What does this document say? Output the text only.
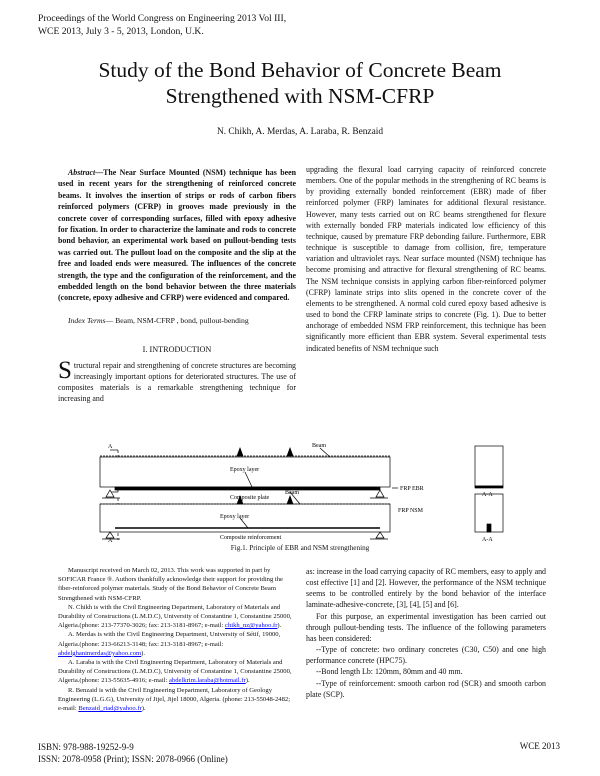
Proceedings of the World Congress on Engineering 2013 Vol III,
WCE 2013, July 3 - 5, 2013, London, U.K.
Study of the Bond Behavior of Concrete Beam
Strengthened with NSM-CFRP
N. Chikh, A. Merdas, A. Laraba, R. Benzaid
Abstract—The Near Surface Mounted (NSM) technique has been used in recent years for the strengthening of reinforced concrete beams. It involves the insertion of strips or rods of carbon fibers reinforced polymers (CFRP) in grooves made previously in the concrete cover of corresponding surfaces, filled with epoxy adhesive for fixation. In order to characterize the laminate and rods to concrete bond behavior, an experimental work based on pullout-bending tests was carried out. The pullout load on the composite and the slip at the free and loaded ends were measured. The influences of the concrete strength, the type and the configuration of the reinforcement, and the embedded length on the bond behavior between the three materials (concrete, epoxy adhesive and CFRP) were evidenced and compared.
Index Terms— Beam, NSM-CFRP , bond, pullout-bending
I. INTRODUCTION
Structural repair and strengthening of concrete structures are becoming increasingly important options for deteriorated structures. The use of composites materials is a remarkable strengthening technique for increasing and
upgrading the flexural load carrying capacity of reinforced concrete members. One of the popular methods in the strengthening of RC beams is by providing externally bonded reinforcement (EBR) made of fiber reinforced polymer (FRP) laminates for additional flexural resistance. However, many tests carried out on RC beams strengthened for flexure with externally bonded FRP materials indicated low efficiency of this technique, caused by premature FRP debonding failure. Furthermore, EBR technique is susceptible to damage from collision, fire, temperature variation and ultraviolet rays. Near surface mounted (NSM) technique has become promising and attractive for flexural strengthening of RC beams. The NSM technique consists in applying carbon fiber-reinforced polymer (CFRP) laminate strips into slits opened in the concrete cover of the elements to be strengthened. A normal cold cured epoxy based adhesive is used to bond the CFRP laminate strips to concrete (Fig. 1). Due to better anchorage of embedded NSM FRP reinforcement, this technique has been significantly more efficient than EBR system. Several experimental tests indicated benefits of NSM technique such
A	Beam
Epoxy layer
FRP EBR
Composite plate	A-A
A
Beam
Epoxy layer
FRP NSM
Composite reinforcement	A-A
Fig.1. Principle of EBR and NSM strengthening

Manuscript received on March 02, 2013. This work was supported in part by SOFICAR France ®. Authors thankfully acknowledge their support for providing the fiber-reinforced polymer materials. Study of the Bond Behavior of Concrete Beam Strengthened with NSM-CFRP.

N. Chikh is with the Civil Engineering Department, Laboratory of Materials and Durability of Constructions (L.M.D.C), University of Constantine 1, Constantine 25000, Algeria.(phone: 213-77370-3026; fax: 213-3181-8967; e-mail: chikh_nz@yahoo.fr).

A. Merdas is with the Civil Engineering Department, University of Sétif, 19000, Algeria.(phone: 213-66213-3148; fax: 213-3181-8967; e-mail: abdelghanimerdas@yahoo.com).

A. Laraba is with the Civil Engineering Department, Laboratory of Materials and Durability of Constructions (L.M.D.C), University of Constantine 1, Constantine 25000, Algeria.(phone: 213-55635-4916; e-mail: abdelkrim.laraba@hotmail.fr).

R. Benzaid is with the Civil Engineering Department, Laboratory of Geology Engineering (L.G.G), University of Jijel, Jijel 18000, Algeria. (phone: 213-55048-2482; e-mail: Benzaid_riad@yahoo.fr).

as: increase in the load carrying capacity of RC members, easy to apply and cost effective [1] and [2]. However, the performance of the NSM technique seems to be controlled entirely by the bond behavior of the interface laminate-adhesive-concrete, [3], [4], [5] and [6].

For this purpose, an experimental investigation has been carried out through pullout-bending tests. The influence of the following parameters has been considered:

--Type of concrete: two ordinary concretes (C30, C50) and one high performance concrete (HPC75).

--Bond length Lb: 120mm, 80mm and 40 mm.

--Type of reinforcement: smooth carbon rod (SCR) and smooth carbon plate (SCP).

ISBN: 978-988-19252-9-9
ISSN: 2078-0958 (Print); ISSN: 2078-0966 (Online)
WCE 2013
